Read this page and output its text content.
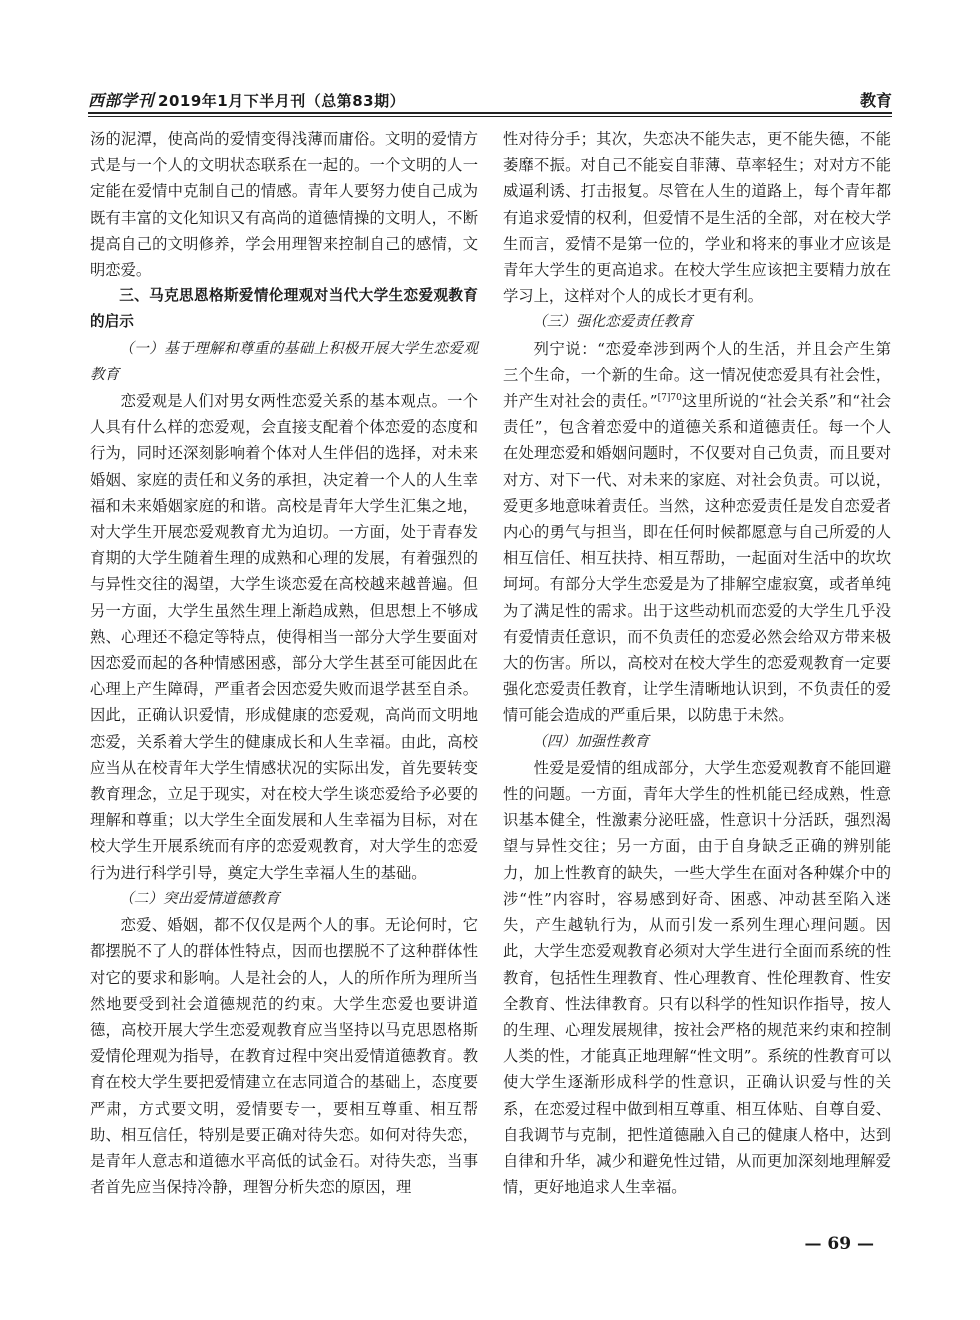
西部学刊 2019年1月下半月刊（总第83期）	教育

汤的泥潭，使高尚的爱情变得浅薄而庸俗。文明的爱情方式是与一个人的文明状态联系在一起的。一个文明的人一定能在爱情中克制自己的情感。青年人要努力使自己成为既有丰富的文化知识又有高尚的道德情操的文明人，不断提高自己的文明修养，学会用理智来控制自己的感情，文明恋爱。

三、马克思恩格斯爱情伦理观对当代大学生恋爱观教育的启示

（一）基于理解和尊重的基础上积极开展大学生恋爱观教育

恋爱观是人们对男女两性恋爱关系的基本观点。一个人具有什么样的恋爱观，会直接支配着个体恋爱的态度和行为，同时还深刻影响着个体对人生伴侣的选择，对未来婚姻、家庭的责任和义务的承担，决定着一个人的人生幸福和未来婚姻家庭的和谐。高校是青年大学生汇集之地，对大学生开展恋爱观教育尤为迫切。一方面，处于青春发育期的大学生随着生理的成熟和心理的发展，有着强烈的与异性交往的渴望，大学生谈恋爱在高校越来越普遍。但另一方面，大学生虽然生理上渐趋成熟，但思想上不够成熟、心理还不稳定等特点，使得相当一部分大学生要面对因恋爱而起的各种情感困惑，部分大学生甚至可能因此在心理上产生障碍，严重者会因恋爱失败而退学甚至自杀。因此，正确认识爱情，形成健康的恋爱观，高尚而文明地恋爱，关系着大学生的健康成长和人生幸福。由此，高校应当从在校青年大学生情感状况的实际出发，首先要转变教育理念，立足于现实，对在校大学生谈恋爱给予必要的理解和尊重；以大学生全面发展和人生幸福为目标，对在校大学生开展系统而有序的恋爱观教育，对大学生的恋爱行为进行科学引导，奠定大学生幸福人生的基础。

（二）突出爱情道德教育

恋爱、婚姻，都不仅仅是两个人的事。无论何时，它都摆脱不了人的群体性特点，因而也摆脱不了这种群体性对它的要求和影响。人是社会的人，人的所作所为理所当然地要受到社会道德规范的约束。大学生恋爱也要讲道德，高校开展大学生恋爱观教育应当坚持以马克思恩格斯爱情伦理观为指导，在教育过程中突出爱情道德教育。教育在校大学生要把爱情建立在志同道合的基础上，态度要严肃，方式要文明，爱情要专一，要相互尊重、相互帮助、相互信任，特别是要正确对待失恋。如何对待失恋，是青年人意志和道德水平高低的试金石。对待失恋，当事者首先应当保持冷静，理智分析失恋的原因，理

性对待分手；其次，失恋决不能失志，更不能失德，不能萎靡不振。对自己不能妄自菲薄、草率轻生；对对方不能威逼利诱、打击报复。尽管在人生的道路上，每个青年都有追求爱情的权利，但爱情不是生活的全部，对在校大学生而言，爱情不是第一位的，学业和将来的事业才应该是青年大学生的更高追求。在校大学生应该把主要精力放在学习上，这样对个人的成长才更有利。

（三）强化恋爱责任教育

列宁说：“恋爱牵涉到两个人的生活，并且会产生第三个生命，一个新的生命。这一情况使恋爱具有社会性，并产生对社会的责任。”$^{[7]70}$这里所说的“社会关系”和“社会责任”，包含着恋爱中的道德关系和道德责任。每一个人在处理恋爱和婚姻问题时，不仅要对自己负责，而且要对对方、对下一代、对未来的家庭、对社会负责。可以说，爱更多地意味着责任。当然，这种恋爱责任是发自恋爱者内心的勇气与担当，即在任何时候都愿意与自己所爱的人相互信任、相互扶持、相互帮助，一起面对生活中的坎坎坷坷。有部分大学生恋爱是为了排解空虚寂寞，或者单纯为了满足性的需求。出于这些动机而恋爱的大学生几乎没有爱情责任意识，而不负责任的恋爱必然会给双方带来极大的伤害。所以，高校对在校大学生的恋爱观教育一定要强化恋爱责任教育，让学生清晰地认识到，不负责任的爱情可能会造成的严重后果，以防患于未然。

（四）加强性教育

性爱是爱情的组成部分，大学生恋爱观教育不能回避性的问题。一方面，青年大学生的性机能已经成熟，性意识基本健全，性激素分泌旺盛，性意识十分活跃，强烈渴望与异性交往；另一方面，由于自身缺乏正确的辨别能力，加上性教育的缺失，一些大学生在面对各种媒介中的涉“性”内容时，容易感到好奇、困惑、冲动甚至陷入迷失，产生越轨行为，从而引发一系列生理心理问题。因此，大学生恋爱观教育必须对大学生进行全面而系统的性教育，包括性生理教育、性心理教育、性伦理教育、性安全教育、性法律教育。只有以科学的性知识作指导，按人的生理、心理发展规律，按社会严格的规范来约束和控制人类的性，才能真正地理解“性文明”。系统的性教育可以使大学生逐渐形成科学的性意识，正确认识爱与性的关系，在恋爱过程中做到相互尊重、相互体贴、自尊自爱、自我调节与克制，把性道德融入自己的健康人格中，达到自律和升华，减少和避免性过错，从而更加深刻地理解爱情，更好地追求人生幸福。

— 69 —
